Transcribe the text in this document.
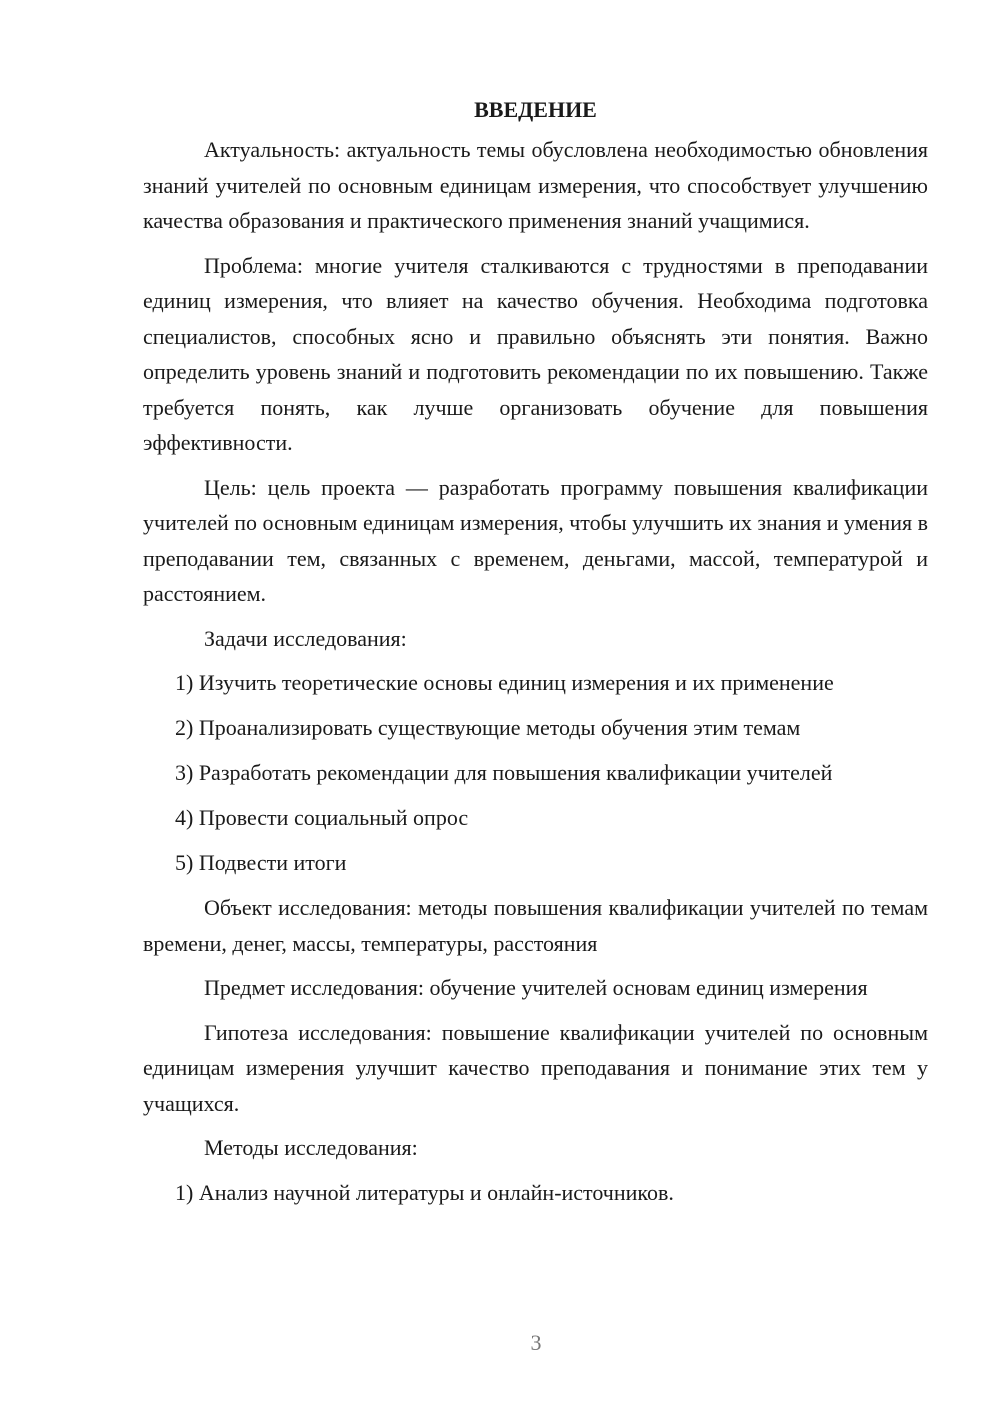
ВВЕДЕНИЕ

Актуальность: актуальность темы обусловлена необходимостью обновления знаний учителей по основным единицам измерения, что способствует улучшению качества образования и практического применения знаний учащимися.

Проблема: многие учителя сталкиваются с трудностями в преподавании единиц измерения, что влияет на качество обучения. Необходима подготовка специалистов, способных ясно и правильно объяснять эти понятия. Важно определить уровень знаний и подготовить рекомендации по их повышению. Также требуется понять, как лучше организовать обучение для повышения эффективности.

Цель: цель проекта — разработать программу повышения квалификации учителей по основным единицам измерения, чтобы улучшить их знания и умения в преподавании тем, связанных с временем, деньгами, массой, температурой и расстоянием.

Задачи исследования:

1) Изучить теоретические основы единиц измерения и их применение
2) Проанализировать существующие методы обучения этим темам
3) Разработать рекомендации для повышения квалификации учителей
4) Провести социальный опрос
5) Подвести итоги

Объект исследования: методы повышения квалификации учителей по темам времени, денег, массы, температуры, расстояния

Предмет исследования: обучение учителей основам единиц измерения

Гипотеза исследования: повышение квалификации учителей по основным единицам измерения улучшит качество преподавания и понимание этих тем у учащихся.

Методы исследования:

1) Анализ научной литературы и онлайн-источников.
3
